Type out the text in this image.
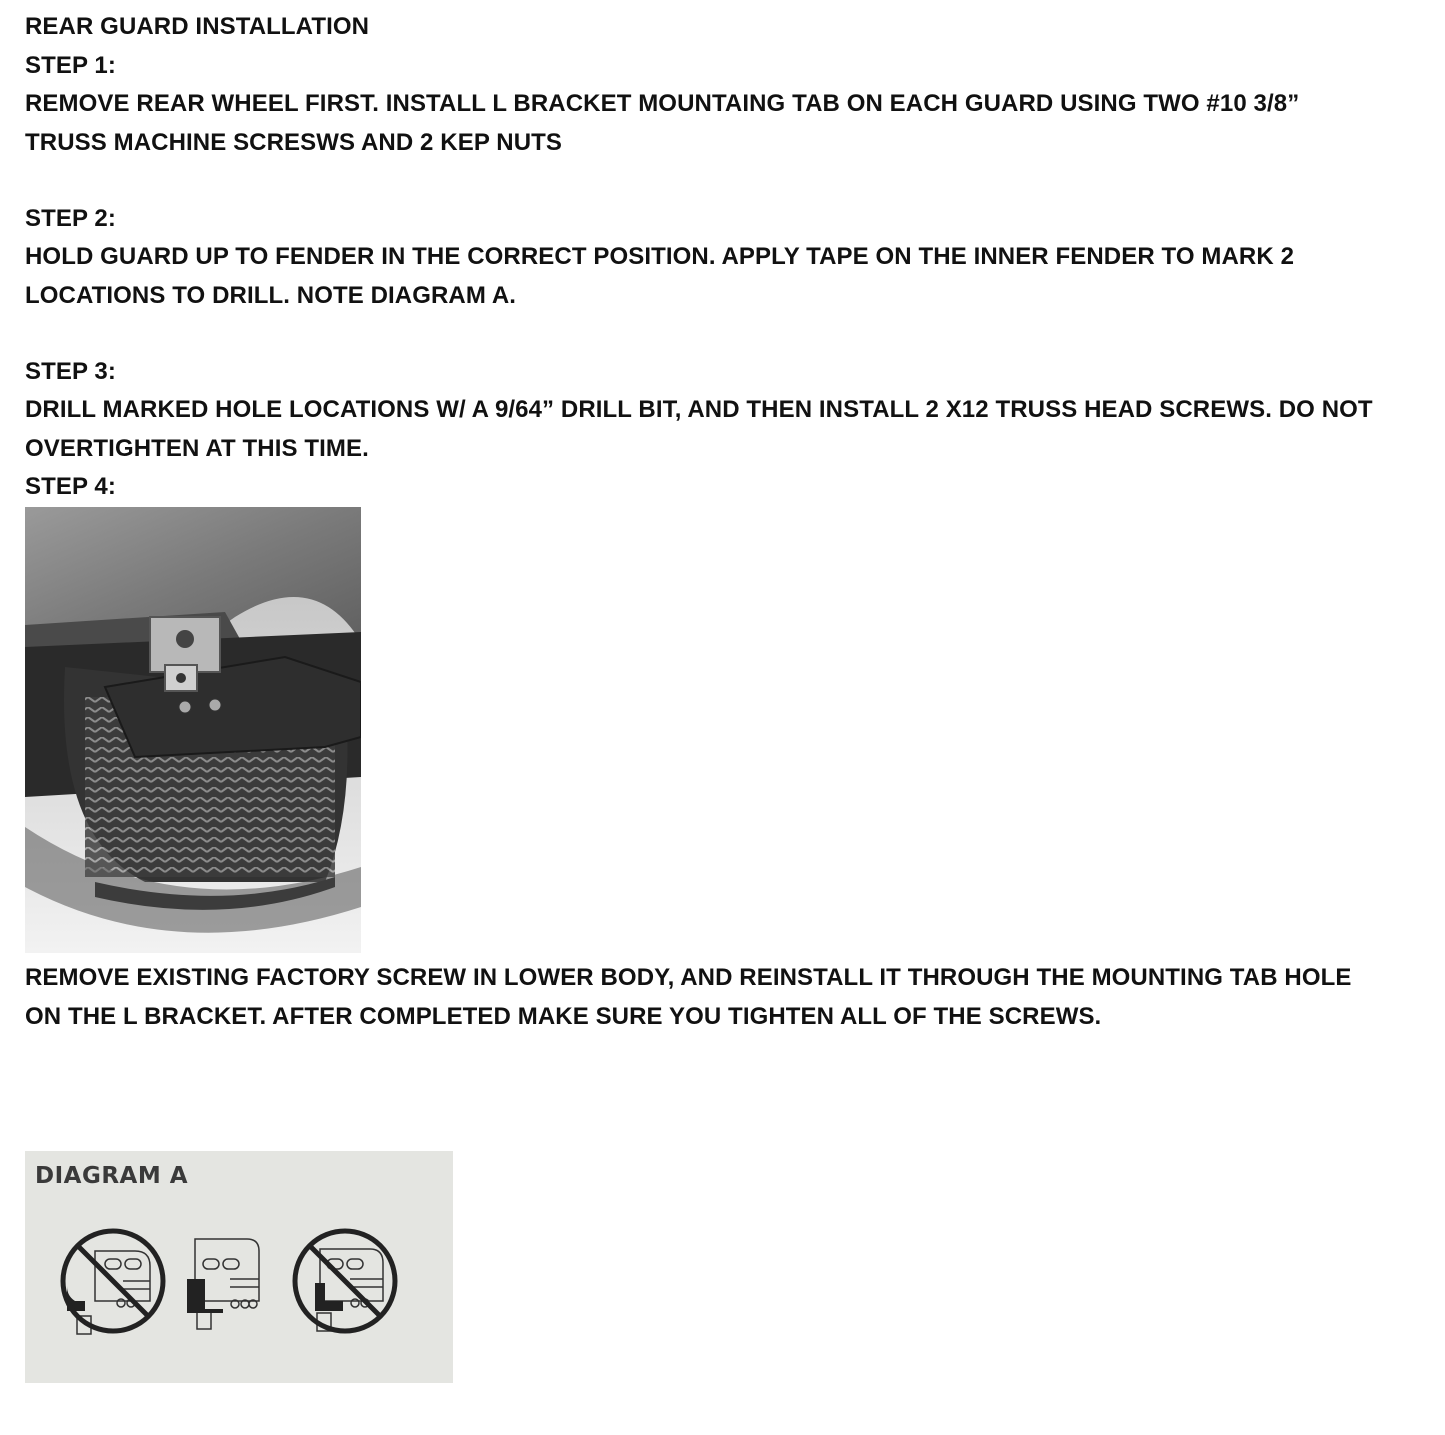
REAR GUARD INSTALLATION
STEP 1:
REMOVE REAR WHEEL FIRST. INSTALL L BRACKET MOUNTAING TAB ON EACH GUARD USING TWO #10 3/8”
TRUSS MACHINE SCRESWS AND 2 KEP NUTS
STEP 2:
HOLD GUARD UP TO FENDER IN THE CORRECT POSITION. APPLY TAPE ON THE INNER FENDER TO MARK 2
LOCATIONS TO DRILL. NOTE DIAGRAM A.
STEP 3:
DRILL MARKED HOLE LOCATIONS W/ A 9/64” DRILL BIT, AND THEN INSTALL 2 X12 TRUSS HEAD SCREWS. DO NOT
OVERTIGHTEN AT THIS TIME.
STEP 4:
REMOVE EXISTING FACTORY SCREW IN LOWER BODY, AND REINSTALL IT THROUGH THE MOUNTING TAB HOLE
ON THE L BRACKET. AFTER COMPLETED MAKE SURE YOU TIGHTEN ALL OF THE SCREWS.
DIAGRAM A
